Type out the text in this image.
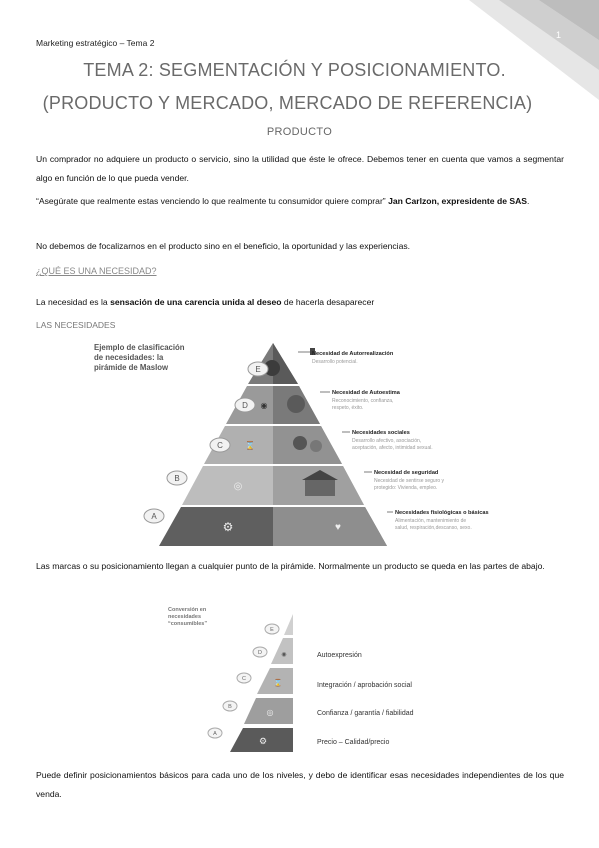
1
Marketing estratégico – Tema 2
TEMA 2: SEGMENTACIÓN Y POSICIONAMIENTO.
(PRODUCTO Y MERCADO, MERCADO DE REFERENCIA)
PRODUCTO
Un comprador no adquiere un producto o servicio, sino la utilidad que éste le ofrece. Debemos tener en cuenta que vamos a segmentar algo en función de lo que pueda vender.
“Asegúrate que realmente estas venciendo lo que realmente tu consumidor quiere comprar” Jan Carlzon, expresidente de SAS.
No debemos de focalizarnos en el producto sino en el beneficio, la oportunidad y las experiencias.
¿QUÉ ES UNA NECESIDAD?
La necesidad es la sensación de una carencia unida al deseo de hacerla desaparecer
LAS NECESIDADES
Ejemplo de clasificación
de necesidades: la
pirámide de Maslow	E
Necesidad de Autorrealización
Desarrollo potencial.
D ◉
Necesidad de Autoestima
Reconocimiento, confianza,
respeto, éxito.
C	⌛
Necesidades sociales
Desarrollo afectivo, asociación,
aceptación, afecto, intimidad sexual.
B
◎
Necesidad de seguridad
Necesidad de sentirse seguro y
protegido: Vivienda, empleo.
A
⚙	♥
Necesidades fisiológicas o básicas
Alimentación, mantenimiento de
salud, respiración,descanso, sexo.
Las marcas o su posicionamiento llegan a cualquier punto de la pirámide. Normalmente un producto se queda en las partes de abajo.
Conversión en
necesidades
“consumibles”
E
D	◉	Autoexpresión
C
⌛	Integración / aprobación social
B
◎	Confianza / garantía / fiabilidad
A
⚙	Precio – Calidad/precio
Puede definir posicionamientos básicos para cada uno de los niveles, y debo de identificar esas necesidades independientes de los que venda.
